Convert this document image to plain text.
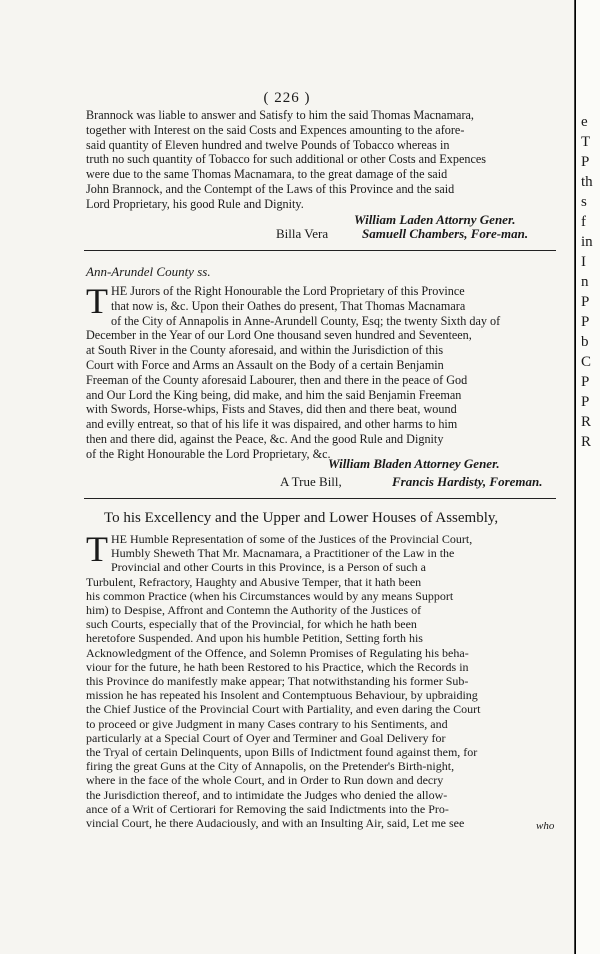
( 226 )

Brannock was liable to answer and Satisfy to him the said Thomas Macnamara,

together with Interest on the said Costs and Expences amounting to the afore-

said quantity of Eleven hundred and twelve Pounds of Tobacco whereas in

truth no such quantity of Tobacco for such additional or other Costs and Expences

were due to the same Thomas Macnamara, to the great damage of the said

John Brannock, and the Contempt of the Laws of this Province and the said

Lord Proprietary, his good Rule and Dignity.

William Laden Attorny Gener.
Billa Vera	Samuell Chambers, Fore-man.
Ann-Arundel County ss.
T HE Jurors of the Right Honourable the Lord Proprietary of this Province

that now is, &c. Upon their Oathes do present, That Thomas Macnamara

of the City of Annapolis in Anne-Arundell County, Esq; the twenty Sixth day of

December in the Year of our Lord One thousand seven hundred and Seventeen,

at South River in the County aforesaid, and within the Jurisdiction of this

Court with Force and Arms an Assault on the Body of a certain Benjamin

Freeman of the County aforesaid Labourer, then and there in the peace of God

and Our Lord the King being, did make, and him the said Benjamin Freeman

with Swords, Horse-whips, Fists and Staves, did then and there beat, wound

and evilly entreat, so that of his life it was dispaired, and other harms to him

then and there did, against the Peace, &c. And the good Rule and Dignity

of the Right Honourable the Lord Proprietary, &c.

William Bladen Attorney Gener.
A True Bill,	Francis Hardisty, Foreman.
To his Excellency and the Upper and Lower Houses of Assembly,
T HE Humble Representation of some of the Justices of the Provincial Court,

Humbly Sheweth That Mr. Macnamara, a Practitioner of the Law in the

Provincial and other Courts in this Province, is a Person of such a

Turbulent, Refractory, Haughty and Abusive Temper, that it hath been

his common Practice (when his Circumstances would by any means Support

him) to Despise, Affront and Contemn the Authority of the Justices of

such Courts, especially that of the Provincial, for which he hath been

heretofore Suspended. And upon his humble Petition, Setting forth his

Acknowledgment of the Offence, and Solemn Promises of Regulating his beha-

viour for the future, he hath been Restored to his Practice, which the Records in

this Province do manifestly make appear; That notwithstanding his former Sub-

mission he has repeated his Insolent and Contemptuous Behaviour, by upbraiding

the Chief Justice of the Provincial Court with Partiality, and even daring the Court

to proceed or give Judgment in many Cases contrary to his Sentiments, and

particularly at a Special Court of Oyer and Terminer and Goal Delivery for

the Tryal of certain Delinquents, upon Bills of Indictment found against them, for

firing the great Guns at the City of Annapolis, on the Pretender's Birth-night,

where in the face of the whole Court, and in Order to Run down and decry

the Jurisdiction thereof, and to intimidate the Judges who denied the allow-

ance of a Writ of Certiorari for Removing the said Indictments into the Pro-

vincial Court, he there Audaciously, and with an Insulting Air, said, Let me see	who
e
T
P
th
s
f
in
I
n
P
P
b
C
P
P
R
R
